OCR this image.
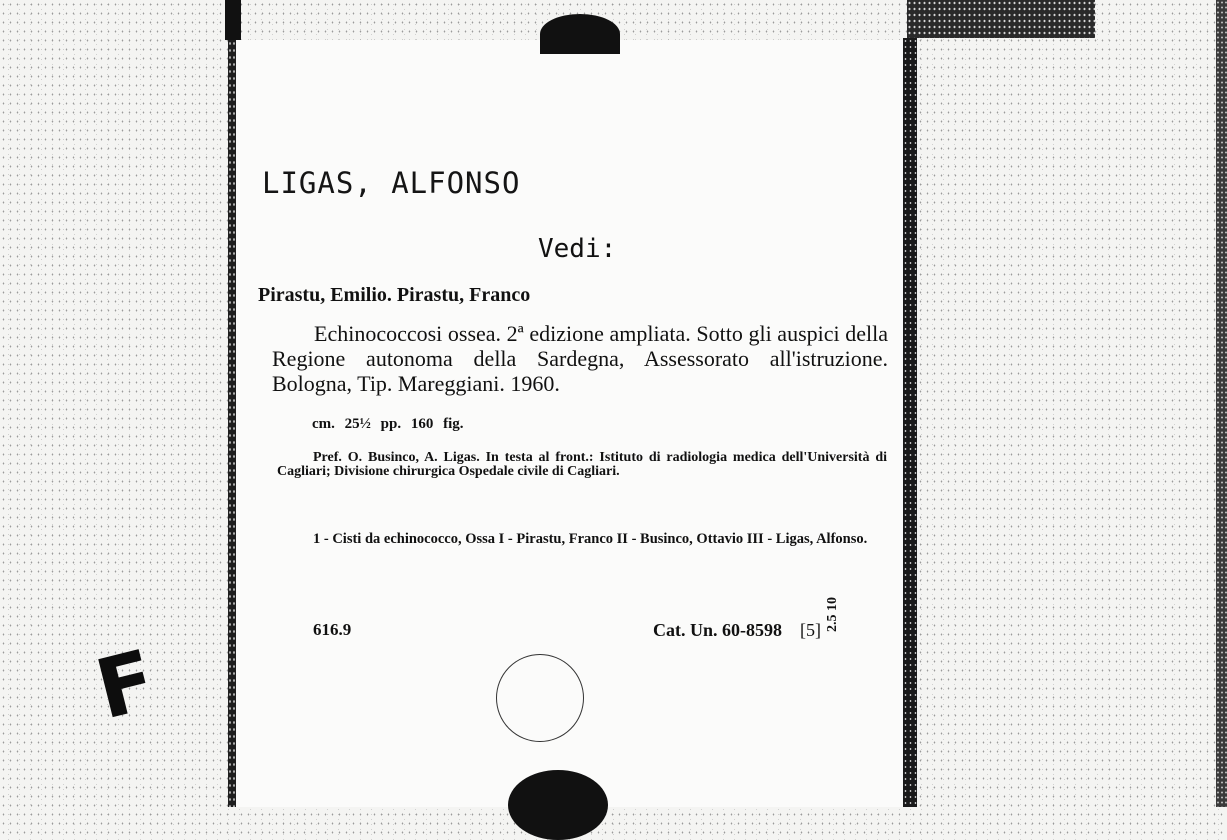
LIGAS, ALFONSO
Vedi:
Pirastu, Emilio. Pirastu, Franco
Echinococcosi ossea. 2ª edizione ampliata. Sotto gli auspici della Regione autonoma della Sardegna, Assessorato all'istruzione. Bologna, Tip. Mareggiani. 1960.
cm. 25½ pp. 160 fig.
Pref. O. Businco, A. Ligas. In testa al front.: Istituto di radiologia medica dell'Università di Cagliari; Divisione chirurgica Ospedale civile di Cagliari.
1 - Cisti da echinococco, Ossa I - Pirastu, Franco II - Businco, Ottavio III - Ligas, Alfonso.
616.9	2.5 10
Cat. Un. 60-8598 [5]
F
